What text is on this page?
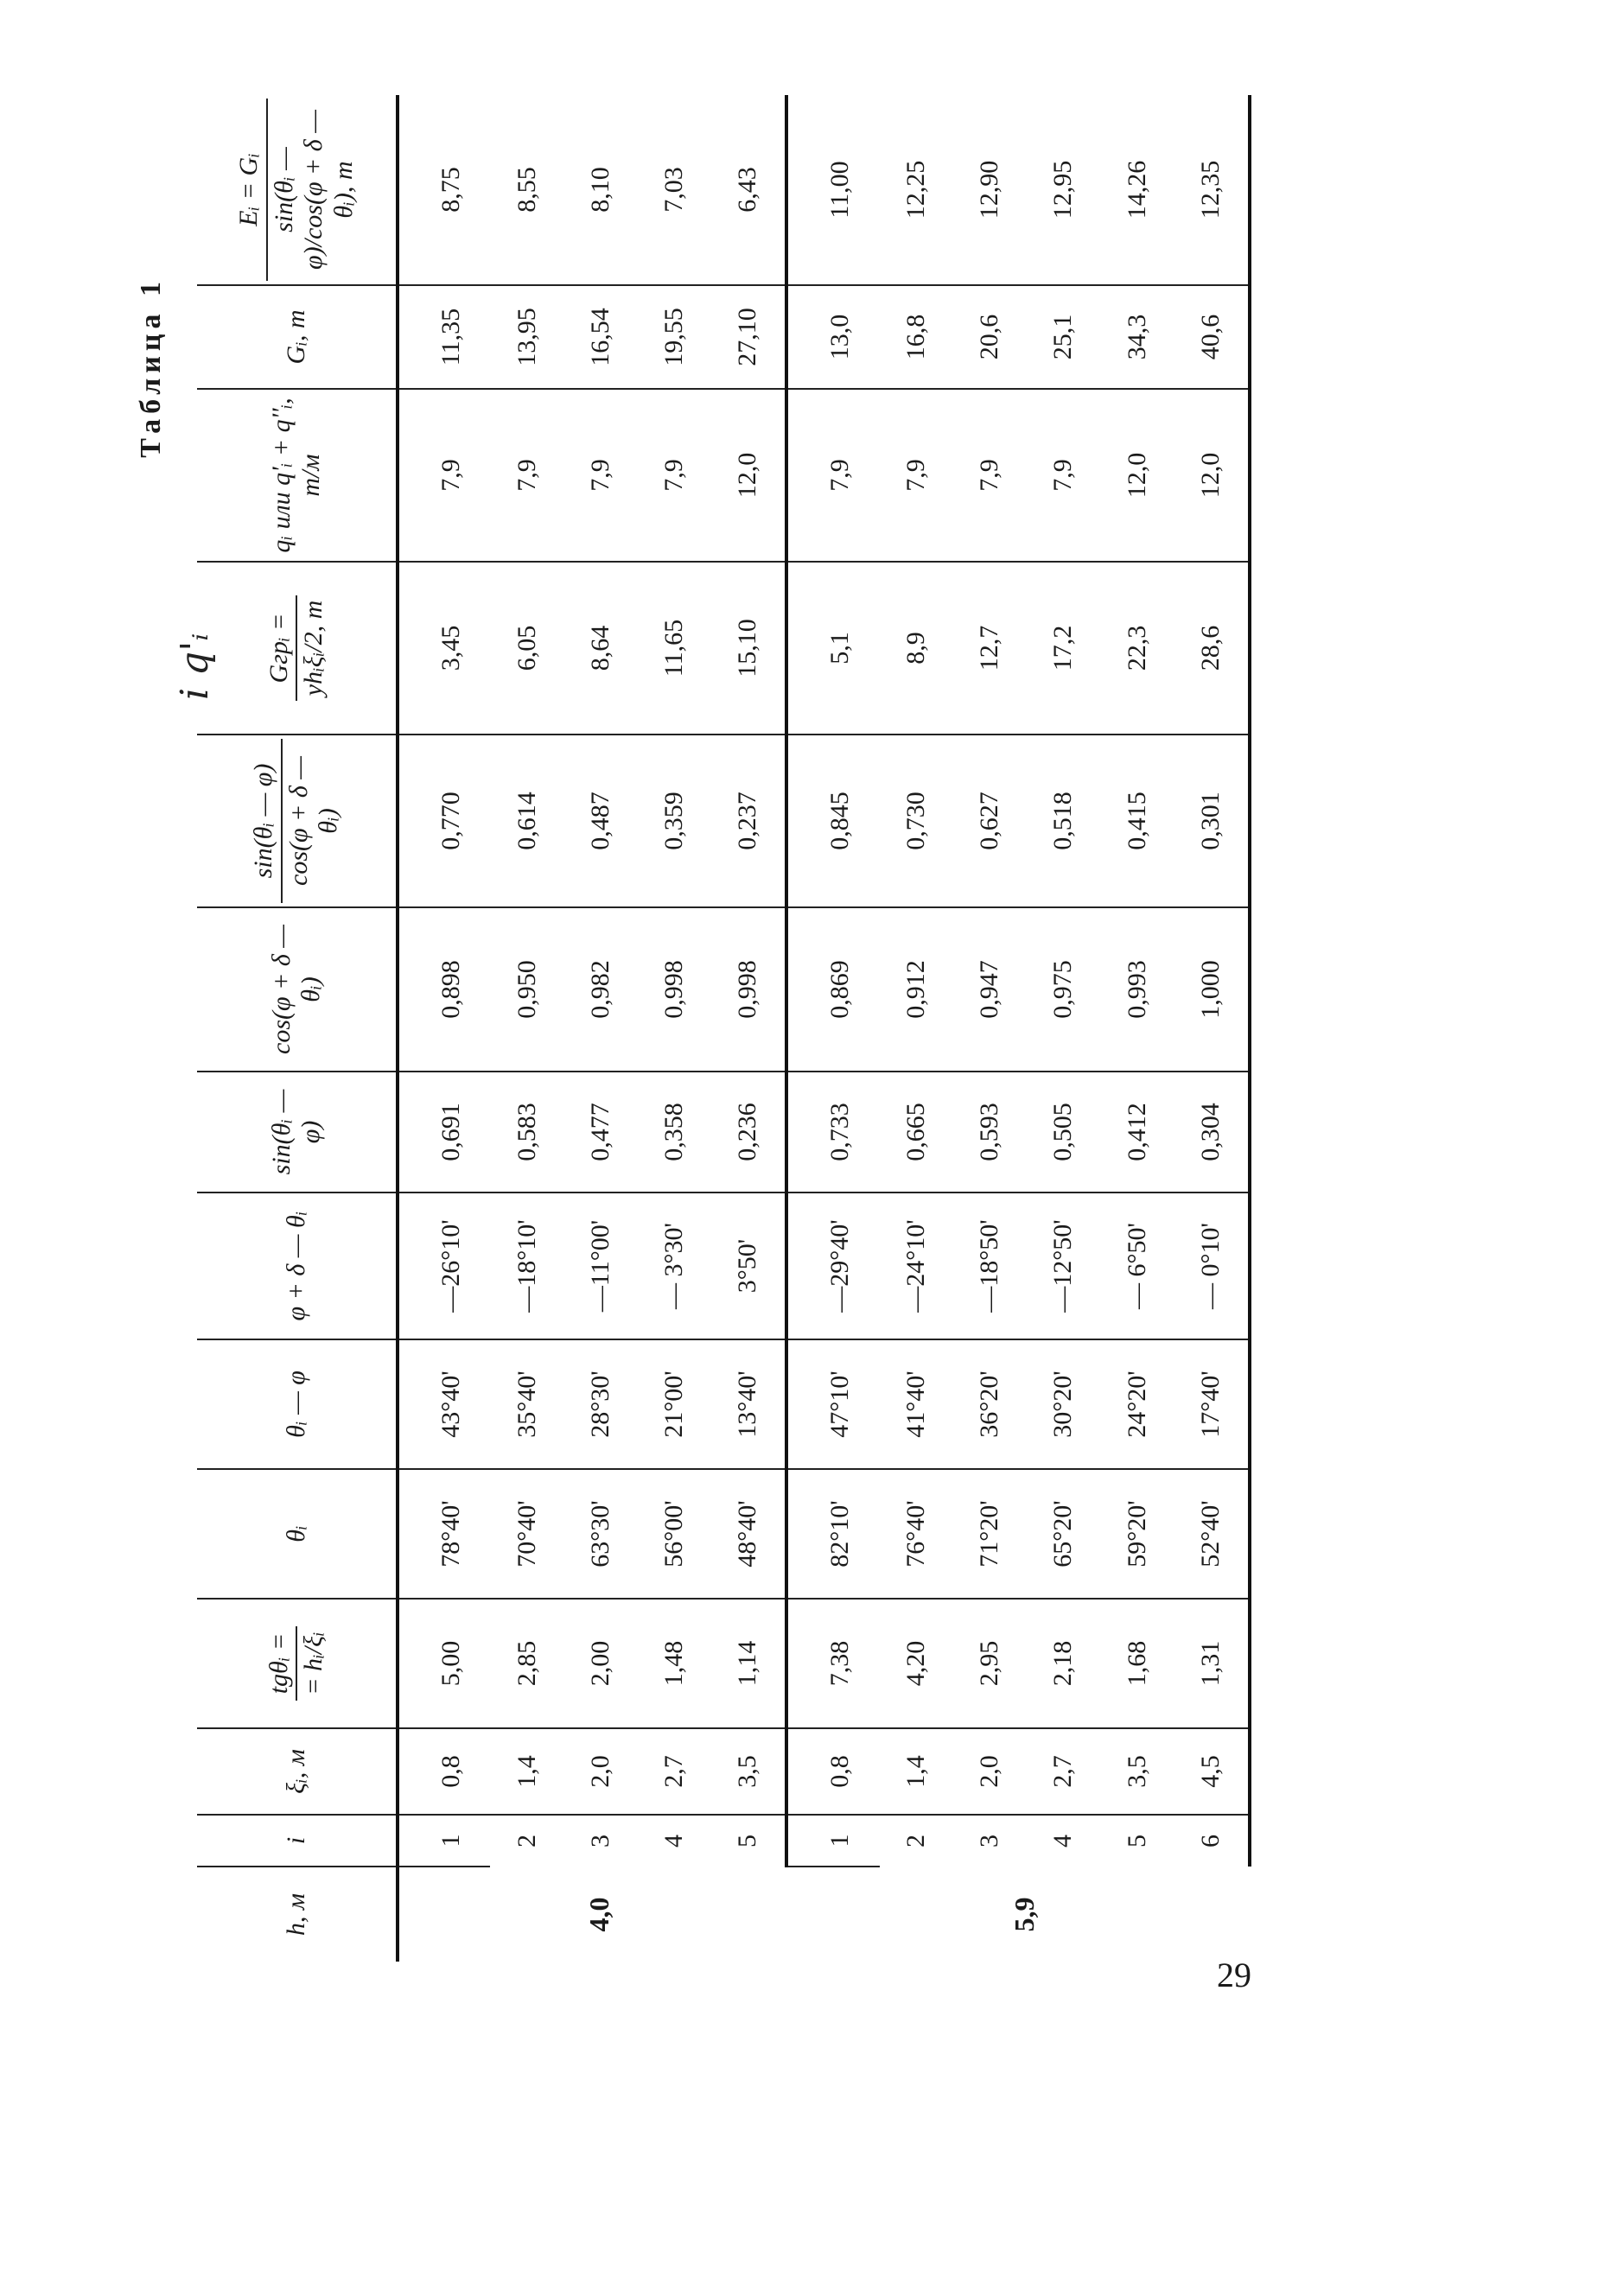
Таблица 1
h, м	i	ξᵢ, м	tgθᵢ = = hᵢ/ξᵢ	θᵢ	θᵢ — φ	φ + δ — θᵢ	sin(θᵢ — φ)	cos(φ + δ — θᵢ)	sin(θᵢ — φ) cos(φ + δ — θᵢ)	Gгрᵢ = yhᵢξᵢ/2, т	qᵢ или q'ᵢ + q''ᵢ, т/м	Gᵢ, т	Eᵢ = Gᵢ sin(θᵢ — φ)/cos(φ + δ — θᵢ), т

4,0	1	0,8	5,00	78°40'	43°40'	—26°10'	0,691	0,898	0,770	3,45	7,9	11,35	8,75
	2	1,4	2,85	70°40'	35°40'	—18°10'	0,583	0,950	0,614	6,05	7,9	13,95	8,55
	3	2,0	2,00	63°30'	28°30'	—11°00'	0,477	0,982	0,487	8,64	7,9	16,54	8,10
	4	2,7	1,48	56°00'	21°00'	— 3°30'	0,358	0,998	0,359	11,65	7,9	19,55	7,03
	5	3,5	1,14	48°40'	13°40'	3°50'	0,236	0,998	0,237	15,10	12,0	27,10	6,43
5,9	1	0,8	7,38	82°10'	47°10'	—29°40'	0,733	0,869	0,845	5,1	7,9	13,0	11,00
	2	1,4	4,20	76°40'	41°40'	—24°10'	0,665	0,912	0,730	8,9	7,9	16,8	12,25
	3	2,0	2,95	71°20'	36°20'	—18°50'	0,593	0,947	0,627	12,7	7,9	20,6	12,90
	4	2,7	2,18	65°20'	30°20'	—12°50'	0,505	0,975	0,518	17,2	7,9	25,1	12,95
	5	3,5	1,68	59°20'	24°20'	— 6°50'	0,412	0,993	0,415	22,3	12,0	34,3	14,26
	6	4,5	1,31	52°40'	17°40'	— 0°10'	0,304	1,000	0,301	28,6	12,0	40,6	12,35
i q'ᵢ
29
